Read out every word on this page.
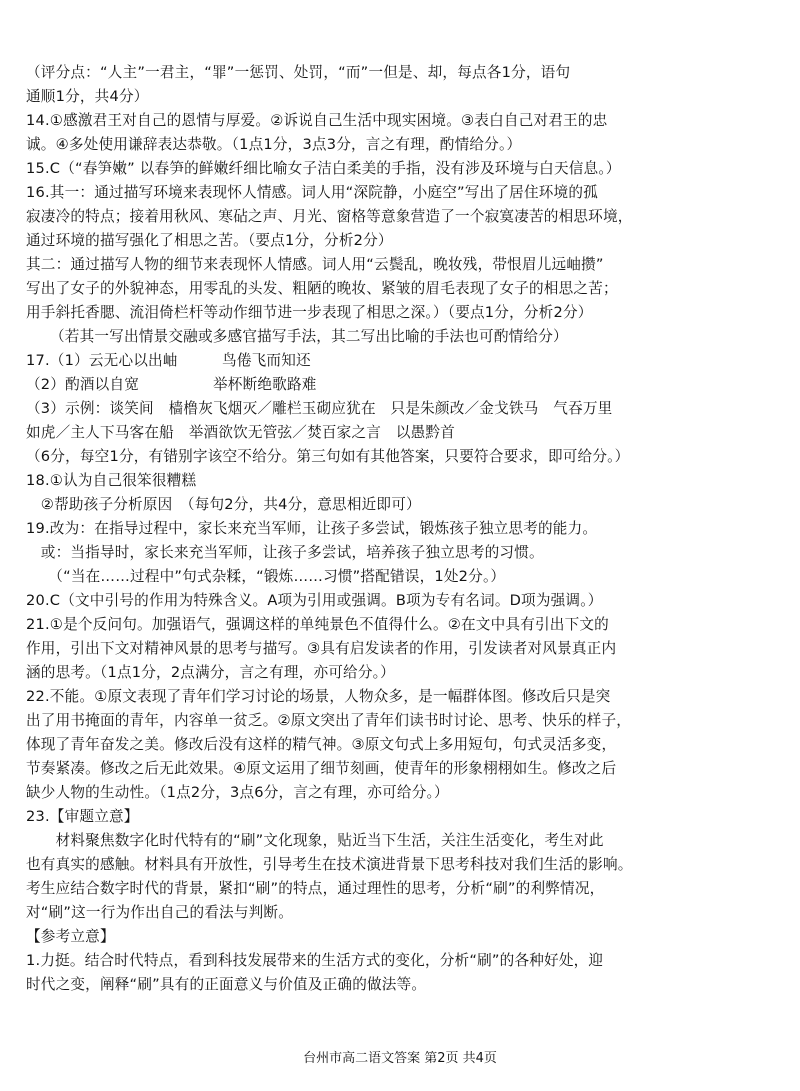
（评分点：“人主”一君主，“罪”一惩罚、处罚，“而”一但是、却，每点各1分，语句
通顺1分，共4分）
14.①感激君王对自己的恩情与厚爱。②诉说自己生活中现实困境。③表白自己对君王的忠
诚。④多处使用谦辞表达恭敬。（1点1分，3点3分，言之有理，酌情给分。）
15.C（“春笋嫩” 以春笋的鲜嫩纤细比喻女子洁白柔美的手指，没有涉及环境与白天信息。）
16.其一：通过描写环境来表现怀人情感。词人用“深院静，小庭空”写出了居住环境的孤
寂凄冷的特点；接着用秋风、寒砧之声、月光、窗格等意象营造了一个寂寞凄苦的相思环境，
通过环境的描写强化了相思之苦。（要点1分，分析2分）
其二：通过描写人物的细节来表现怀人情感。词人用“云鬓乱，晚妆残，带恨眉儿远岫攒”
写出了女子的外貌神态，用零乱的头发、粗陋的晚妆、紧皱的眉毛表现了女子的相思之苦；
用手斜托香腮、流泪倚栏杆等动作细节进一步表现了相思之深。）（要点1分，分析2分）
（若其一写出情景交融或多感官描写手法，其二写出比喻的手法也可酌情给分）
17.（1）云无心以出岫　　　鸟倦飞而知还
（2）酌酒以自宽　　　　　举杯断绝歌路难
（3）示例：谈笑间　樯橹灰飞烟灭／雕栏玉砌应犹在　只是朱颜改／金戈铁马　气吞万里
如虎／主人下马客在船　举酒欲饮无管弦／焚百家之言　以愚黔首
（6分，每空1分，有错别字该空不给分。第三句如有其他答案，只要符合要求，即可给分。）
18.①认为自己很笨很糟糕
　②帮助孩子分析原因　（每句2分，共4分，意思相近即可）
19.改为：在指导过程中，家长来充当军师，让孩子多尝试，锻炼孩子独立思考的能力。
　或：当指导时，家长来充当军师，让孩子多尝试，培养孩子独立思考的习惯。
　　（“当在……过程中”句式杂糅，“锻炼……习惯”搭配错误，1处2分。）
20.C（文中引号的作用为特殊含义。A项为引用或强调。B项为专有名词。D项为强调。）
21.①是个反问句。加强语气，强调这样的单纯景色不值得什么。②在文中具有引出下文的
作用，引出下文对精神风景的思考与描写。③具有启发读者的作用，引发读者对风景真正内
涵的思考。（1点1分，2点满分，言之有理，亦可给分。）
22.不能。①原文表现了青年们学习讨论的场景，人物众多，是一幅群体图。修改后只是突
出了用书掩面的青年，内容单一贫乏。②原文突出了青年们读书时讨论、思考、快乐的样子，
体现了青年奋发之美。修改后没有这样的精气神。③原文句式上多用短句，句式灵活多变，
节奏紧凑。修改之后无此效果。④原文运用了细节刻画，使青年的形象栩栩如生。修改之后
缺少人物的生动性。（1点2分，3点6分，言之有理，亦可给分。）
23.【审题立意】
　　材料聚焦数字化时代特有的“刷”文化现象，贴近当下生活，关注生活变化，考生对此
也有真实的感触。材料具有开放性，引导考生在技术演进背景下思考科技对我们生活的影响。
考生应结合数字时代的背景，紧扣“刷”的特点，通过理性的思考，分析“刷”的利弊情况，
对“刷”这一行为作出自己的看法与判断。
【参考立意】
1.力挺。结合时代特点，看到科技发展带来的生活方式的变化，分析“刷”的各种好处，迎
时代之变，阐释“刷”具有的正面意义与价值及正确的做法等。
台州市高二语文答案 第2页 共4页
